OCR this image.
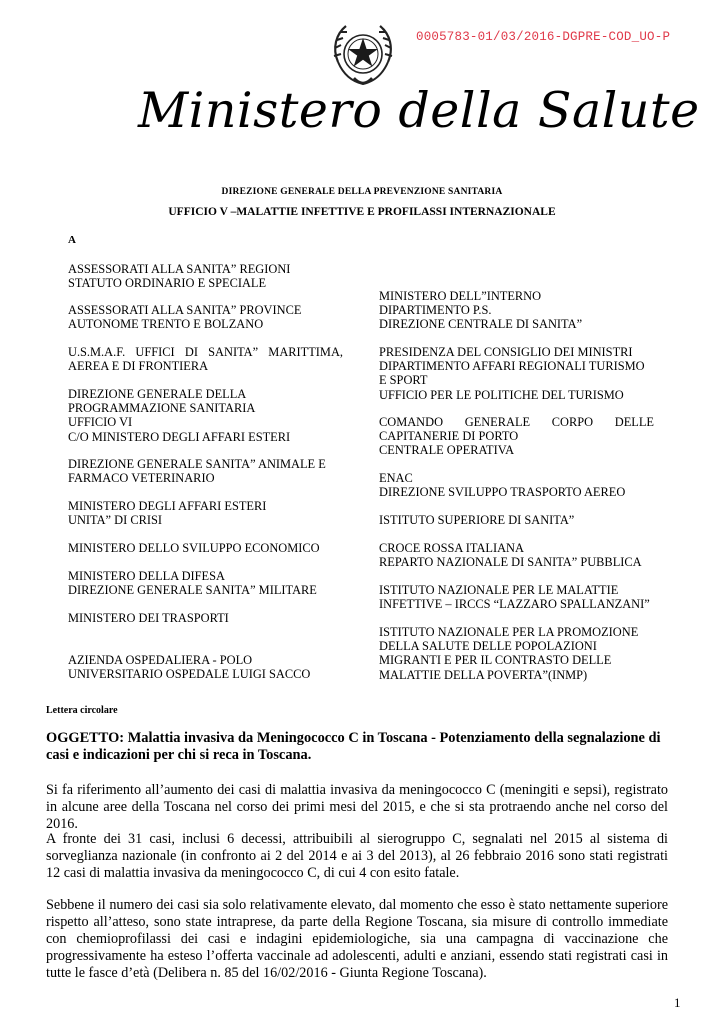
0005783-01/03/2016-DGPRE-COD_UO-P
Ministero della Salute
DIREZIONE GENERALE DELLA PREVENZIONE SANITARIA
UFFICIO V –MALATTIE INFETTIVE E PROFILASSI INTERNAZIONALE
A
ASSESSORATI ALLA SANITA” REGIONI
STATUTO ORDINARIO E SPECIALE
ASSESSORATI ALLA SANITA” PROVINCE
AUTONOME TRENTO E BOLZANO
U.S.M.A.F. UFFICI DI SANITA” MARITTIMA,
AEREA E DI FRONTIERA
DIREZIONE GENERALE DELLA
PROGRAMMAZIONE SANITARIA
UFFICIO VI
C/O MINISTERO DEGLI AFFARI ESTERI
DIREZIONE GENERALE SANITA” ANIMALE E
FARMACO VETERINARIO
MINISTERO DEGLI AFFARI ESTERI
UNITA” DI CRISI
MINISTERO DELLO SVILUPPO ECONOMICO
MINISTERO DELLA DIFESA
DIREZIONE GENERALE SANITA” MILITARE
MINISTERO DEI TRASPORTI
AZIENDA OSPEDALIERA - POLO
UNIVERSITARIO OSPEDALE LUIGI SACCO
MINISTERO DELL”INTERNO
DIPARTIMENTO P.S.
DIREZIONE CENTRALE DI SANITA”
PRESIDENZA DEL CONSIGLIO DEI MINISTRI
DIPARTIMENTO AFFARI REGIONALI TURISMO
E SPORT
UFFICIO PER LE POLITICHE DEL TURISMO
COMANDO GENERALE CORPO DELLE
CAPITANERIE DI PORTO
CENTRALE OPERATIVA
ENAC
DIREZIONE SVILUPPO TRASPORTO AEREO
ISTITUTO SUPERIORE DI SANITA”
CROCE ROSSA ITALIANA
REPARTO NAZIONALE DI SANITA” PUBBLICA
ISTITUTO NAZIONALE PER LE MALATTIE
INFETTIVE – IRCCS “LAZZARO SPALLANZANI”
ISTITUTO NAZIONALE PER LA PROMOZIONE
DELLA SALUTE DELLE POPOLAZIONI
MIGRANTI E PER IL CONTRASTO DELLE
MALATTIE DELLA POVERTA”(INMP)
Lettera circolare
OGGETTO: Malattia invasiva da Meningococco C in Toscana - Potenziamento della segnalazione di casi e indicazioni per chi si reca in Toscana.
Si fa riferimento all’aumento dei casi di malattia invasiva da meningococco C (meningiti e sepsi), registrato in alcune aree della Toscana nel corso dei primi mesi del 2015, e che si sta protraendo anche nel corso del 2016.
A fronte dei 31 casi, inclusi 6 decessi, attribuibili al sierogruppo C, segnalati nel 2015 al sistema di sorveglianza nazionale (in confronto ai 2 del 2014 e ai 3 del 2013), al 26 febbraio 2016 sono stati registrati 12 casi di malattia invasiva da meningococco C, di cui 4 con esito fatale.
Sebbene il numero dei casi sia solo relativamente elevato, dal momento che esso è stato nettamente superiore rispetto all’atteso, sono state intraprese, da parte della Regione Toscana, sia misure di controllo immediate con chemioprofilassi dei casi e indagini epidemiologiche, sia una campagna di vaccinazione che progressivamente ha esteso l’offerta vaccinale ad adolescenti, adulti e anziani, essendo stati registrati casi in tutte le fasce d’età (Delibera n. 85 del 16/02/2016 - Giunta Regione Toscana).
1
